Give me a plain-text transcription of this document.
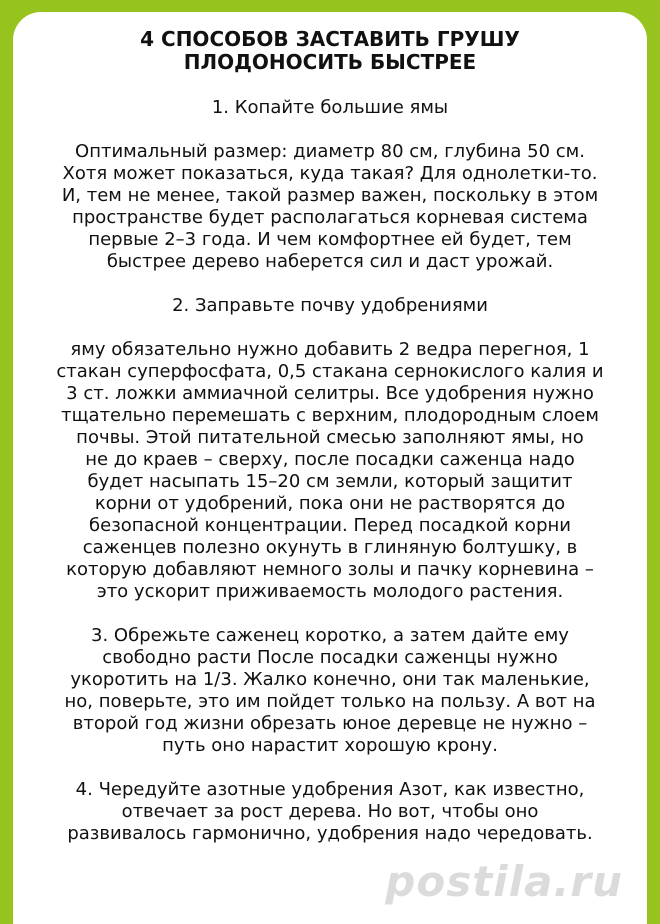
4 СПОСОБОВ ЗАСТАВИТЬ ГРУШУ
ПЛОДОНОСИТЬ БЫСТРЕЕ
1. Копайте большие ямы
Оптимальный размер: диаметр 80 см, глубина 50 см.
Хотя может показаться, куда такая? Для однолетки-то.
И, тем не менее, такой размер важен, поскольку в этом
пространстве будет располагаться корневая система
первые 2–3 года. И чем комфортнее ей будет, тем
быстрее дерево наберется сил и даст урожай.
2. Заправьте почву удобрениями
яму обязательно нужно добавить 2 ведра перегноя, 1
стакан суперфосфата, 0,5 стакана сернокислого калия и
3 ст. ложки аммиачной селитры. Все удобрения нужно
тщательно перемешать с верхним, плодородным слоем
почвы. Этой питательной смесью заполняют ямы, но
не до краев – сверху, после посадки саженца надо
будет насыпать 15–20 см земли, который защитит
корни от удобрений, пока они не растворятся до
безопасной концентрации. Перед посадкой корни
саженцев полезно окунуть в глиняную болтушку, в
которую добавляют немного золы и пачку корневина –
это ускорит приживаемость молодого растения.
3. Обрежьте саженец коротко, а затем дайте ему
свободно расти После посадки саженцы нужно
укоротить на 1/3. Жалко конечно, они так маленькие,
но, поверьте, это им пойдет только на пользу. А вот на
второй год жизни обрезать юное деревце не нужно –
путь оно нарастит хорошую крону.
4. Чередуйте азотные удобрения Азот, как известно,
отвечает за рост дерева. Но вот, чтобы оно
развивалось гармонично, удобрения надо чередовать.
postila.ru
